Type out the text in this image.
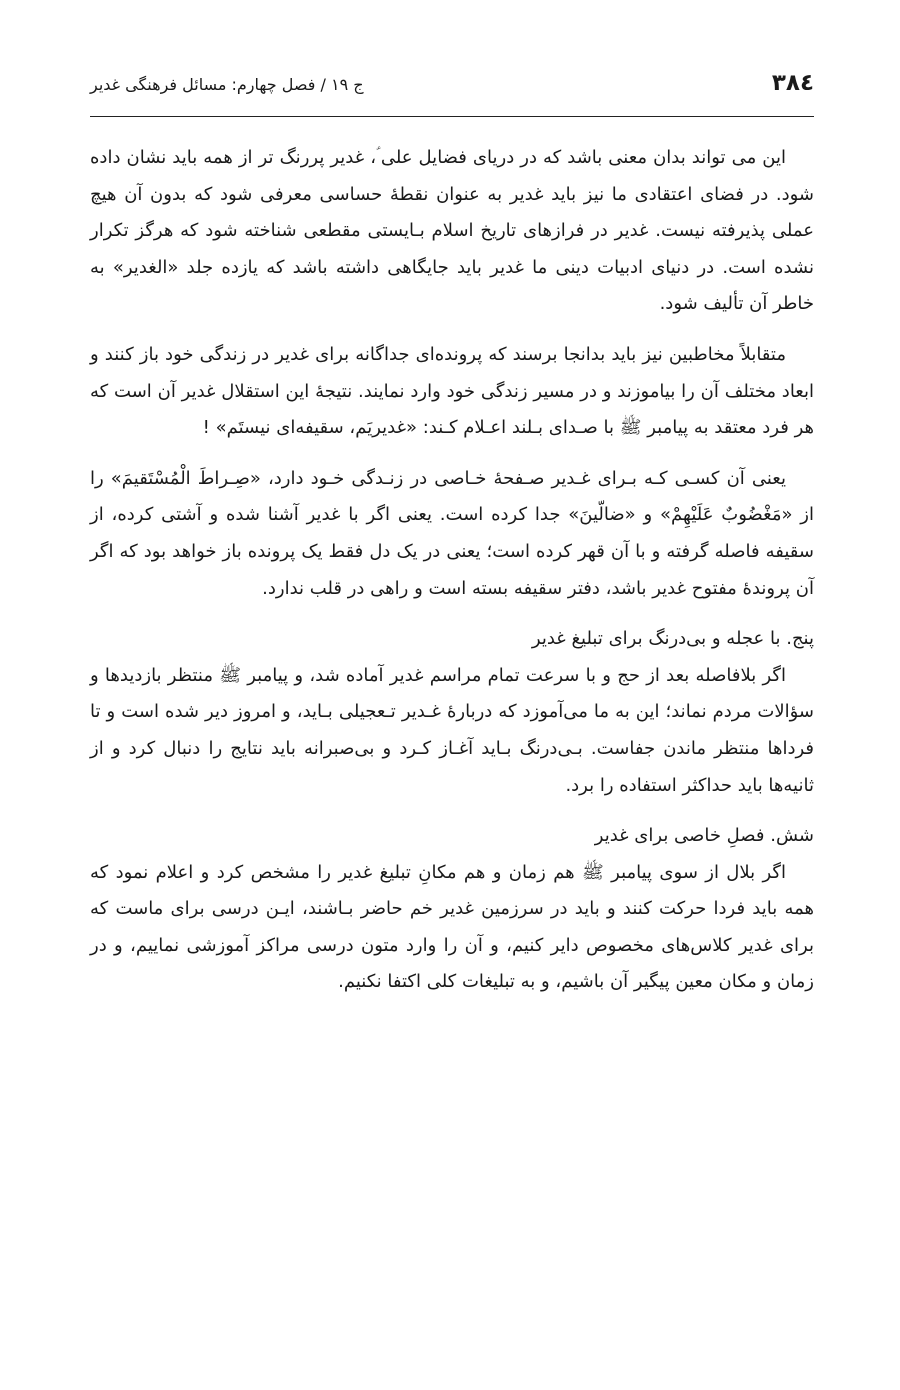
۳۸٤
ج ۱۹ / فصل چهارم: مسائل فرهنگی غدیر

این می تواند بدان معنی باشد که در دریای فضایل علی ؑ، غدیر پررنگ تر از همه باید نشان داده شود. در فضای اعتقادی ما نیز باید غدیر به عنوان نقطهٔ حساسی معرفی شود که بدون آن هیچ عملی پذیرفته نیست. غدیر در فرازهای تاریخ اسلام بـایستی مقطعی شناخته شود که هرگز تکرار نشده است. در دنیای ادبیات دینی ما غدیر باید جایگاهی داشته باشد که یازده جلد «الغدیر» به خاطر آن تألیف شود.

متقابلاً مخاطبین نیز باید بدانجا برسند که پرونده‌ای جداگانه برای غدیر در زندگی خود باز کنند و ابعاد مختلف آن را بیاموزند و در مسیر زندگی خود وارد نمایند. نتیجهٔ این استقلال غدیر آن است که هر فرد معتقد به پیامبر ﷺ با صـدای بـلند اعـلام کـند: «غدیریَم، سقیفه‌ای نیستَم» !

یعنی آن کسـی کـه بـرای غـدیر صـفحهٔ خـاصی در زنـدگی خـود دارد، «صِـراطَ الْمُسْتَقیمَ» را از «مَغْضُوبٌ عَلَیْهِمْ» و «ضالّینَ» جدا کرده است. یعنی اگر با غدیر آشنا شده و آشتی کرده، از سقیفه فاصله گرفته و با آن قهر کرده است؛ یعنی در یک دل فقط یک پرونده باز خواهد بود که اگر آن پروندهٔ مفتوح غدیر باشد، دفتر سقیفه بسته است و راهی در قلب ندارد.

پنج. با عجله و بی‌درنگ برای تبلیغ غدیر

اگر بلافاصله بعد از حج و با سرعت تمام مراسم غدیر آماده شد، و پیامبر ﷺ منتظر بازدیدها و سؤالات مردم نماند؛ این به ما می‌آموزد که دربارهٔ غـدیر تـعجیلی بـاید، و امروز دیر شده است و تا فرداها منتظر ماندن جفاست. بـی‌درنگ بـاید آغـاز کـرد و بی‌صبرانه باید نتایج را دنبال کرد و از ثانیه‌ها باید حداکثر استفاده را برد.

شش. فصلِ خاصی برای غدیر

اگر بلال از سوی پیامبر ﷺ هم زمان و هم مکانِ تبلیغ غدیر را مشخص کرد و اعلام نمود که همه باید فردا حرکت کنند و باید در سرزمین غدیر خم حاضر بـاشند، ایـن درسی برای ماست که برای غدیر کلاس‌های مخصوص دایر کنیم، و آن را وارد متون درسی مراکز آموزشی نماییم، و در زمان و مکان معین پیگیر آن باشیم، و به تبلیغات کلی اکتفا نکنیم.
